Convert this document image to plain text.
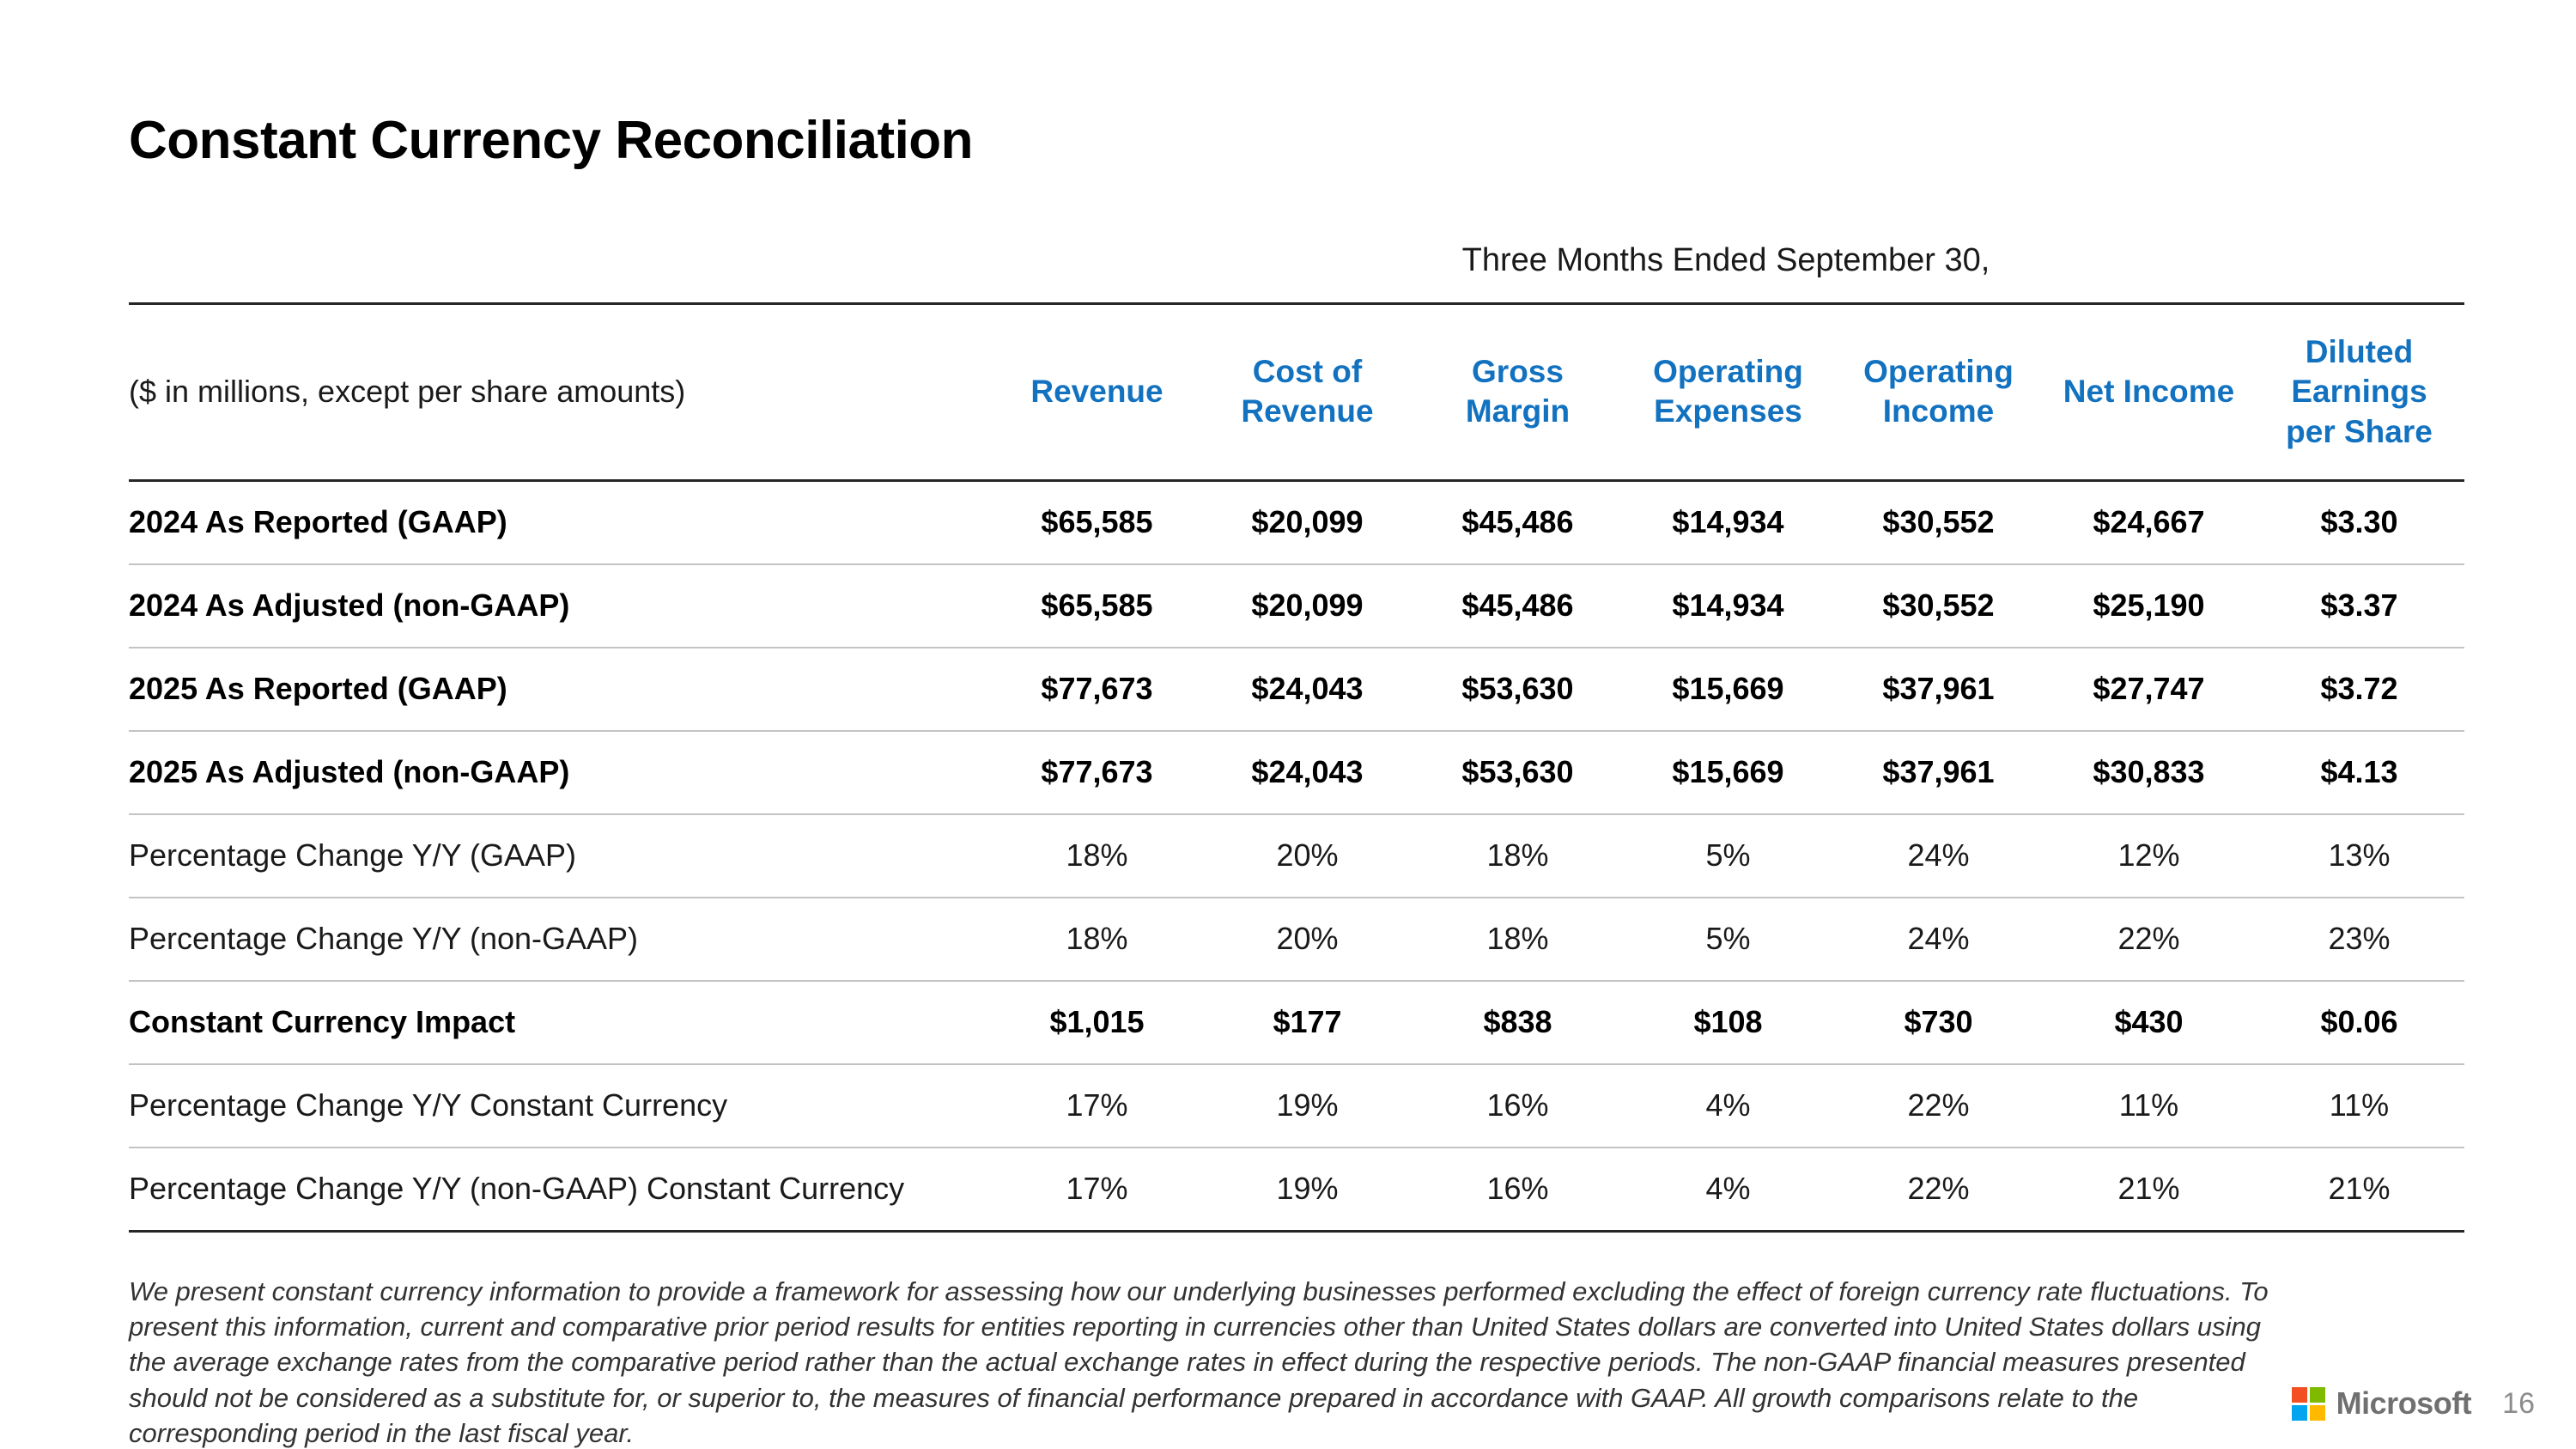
Constant Currency Reconciliation
Three Months Ended September 30,
($ in millions, except per share amounts)	Revenue	Cost of Revenue	Gross Margin	Operating Expenses	Operating Income	Net Income	Diluted Earnings per Share
2024 As Reported (GAAP)	$65,585	$20,099	$45,486	$14,934	$30,552	$24,667	$3.30
2024 As Adjusted (non-GAAP)	$65,585	$20,099	$45,486	$14,934	$30,552	$25,190	$3.37
2025 As Reported (GAAP)	$77,673	$24,043	$53,630	$15,669	$37,961	$27,747	$3.72
2025 As Adjusted (non-GAAP)	$77,673	$24,043	$53,630	$15,669	$37,961	$30,833	$4.13
Percentage Change Y/Y (GAAP)	18%	20%	18%	5%	24%	12%	13%
Percentage Change Y/Y (non-GAAP)	18%	20%	18%	5%	24%	22%	23%
Constant Currency Impact	$1,015	$177	$838	$108	$730	$430	$0.06
Percentage Change Y/Y Constant Currency	17%	19%	16%	4%	22%	11%	11%
Percentage Change Y/Y (non-GAAP) Constant Currency	17%	19%	16%	4%	22%	21%	21%

We present constant currency information to provide a framework for assessing how our underlying businesses performed excluding the effect of foreign currency rate fluctuations. To present this information, current and comparative prior period results for entities reporting in currencies other than United States dollars are converted into United States dollars using the average exchange rates from the comparative period rather than the actual exchange rates in effect during the respective periods. The non-GAAP financial measures presented should not be considered as a substitute for, or superior to, the measures of financial performance prepared in accordance with GAAP. All growth comparisons relate to the corresponding period in the last fiscal year.

Microsoft 16
